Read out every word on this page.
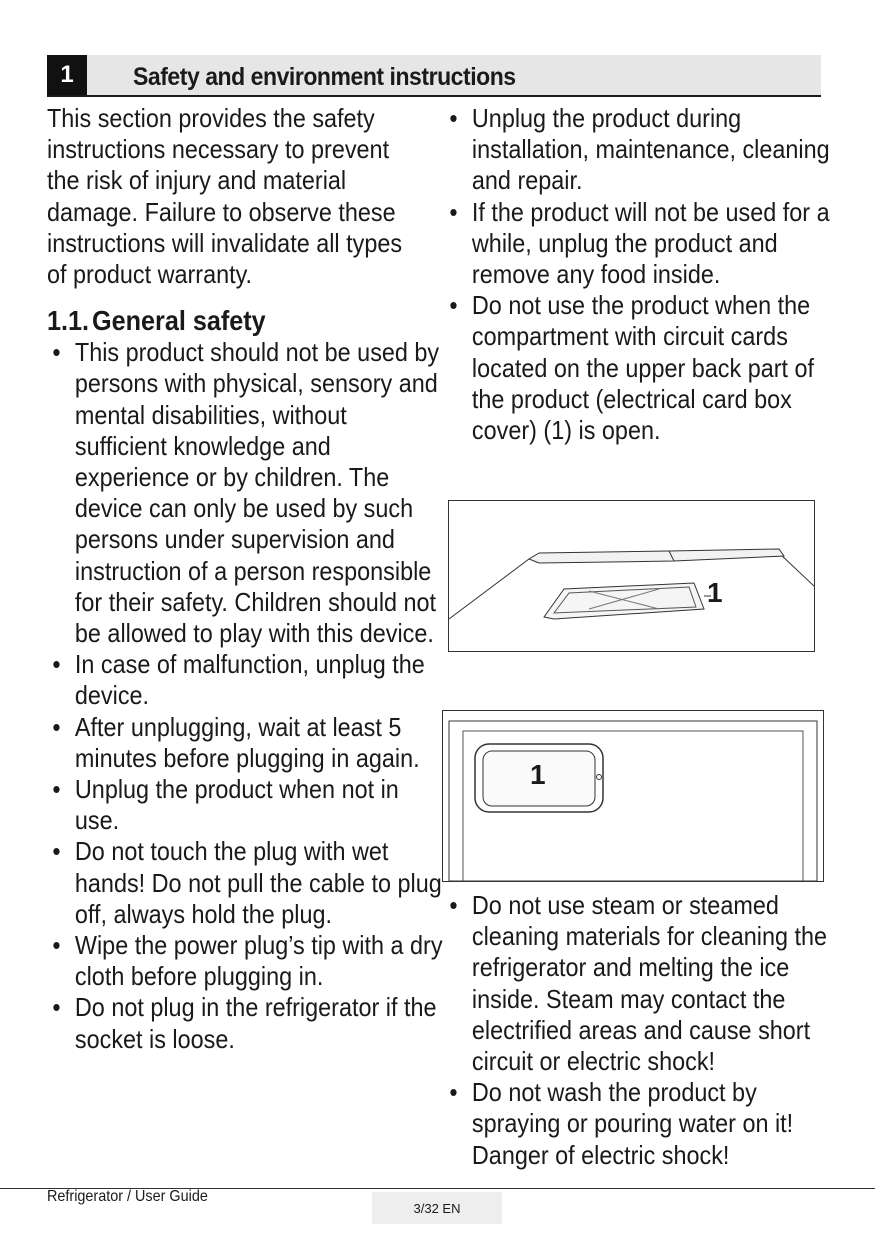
1	Safety and environment instructions

This section provides the safety instructions necessary to prevent the risk of injury and material damage. Failure to observe these instructions will invalidate all types of product warranty.

1.1. General safety
• This product should not be used by persons with physical, sensory and mental disabilities, without sufficient knowledge and experience or by children. The device can only be used by such persons under supervision and instruction of a person responsible for their safety. Children should not be allowed to play with this device.
• In case of malfunction, unplug the device.
• After unplugging, wait at least 5 minutes before plugging in again.
• Unplug the product when not in use.
• Do not touch the plug with wet hands! Do not pull the cable to plug off, always hold the plug.
• Wipe the power plug’s tip with a dry cloth before plugging in.
• Do not plug in the refrigerator if the socket is loose.
• Unplug the product during installation, maintenance, cleaning and repair.
• If the product will not be used for a while, unplug the product and remove any food inside.
• Do not use the product when the compartment with circuit cards located on the upper back part of the product (electrical card box cover) (1) is open.
1
1
• Do not use steam or steamed cleaning materials for cleaning the refrigerator and melting the ice inside. Steam may contact the electrified areas and cause short circuit or electric shock!
• Do not wash the product by spraying or pouring water on it! Danger of electric shock!
Refrigerator / User Guide
3/32 EN
